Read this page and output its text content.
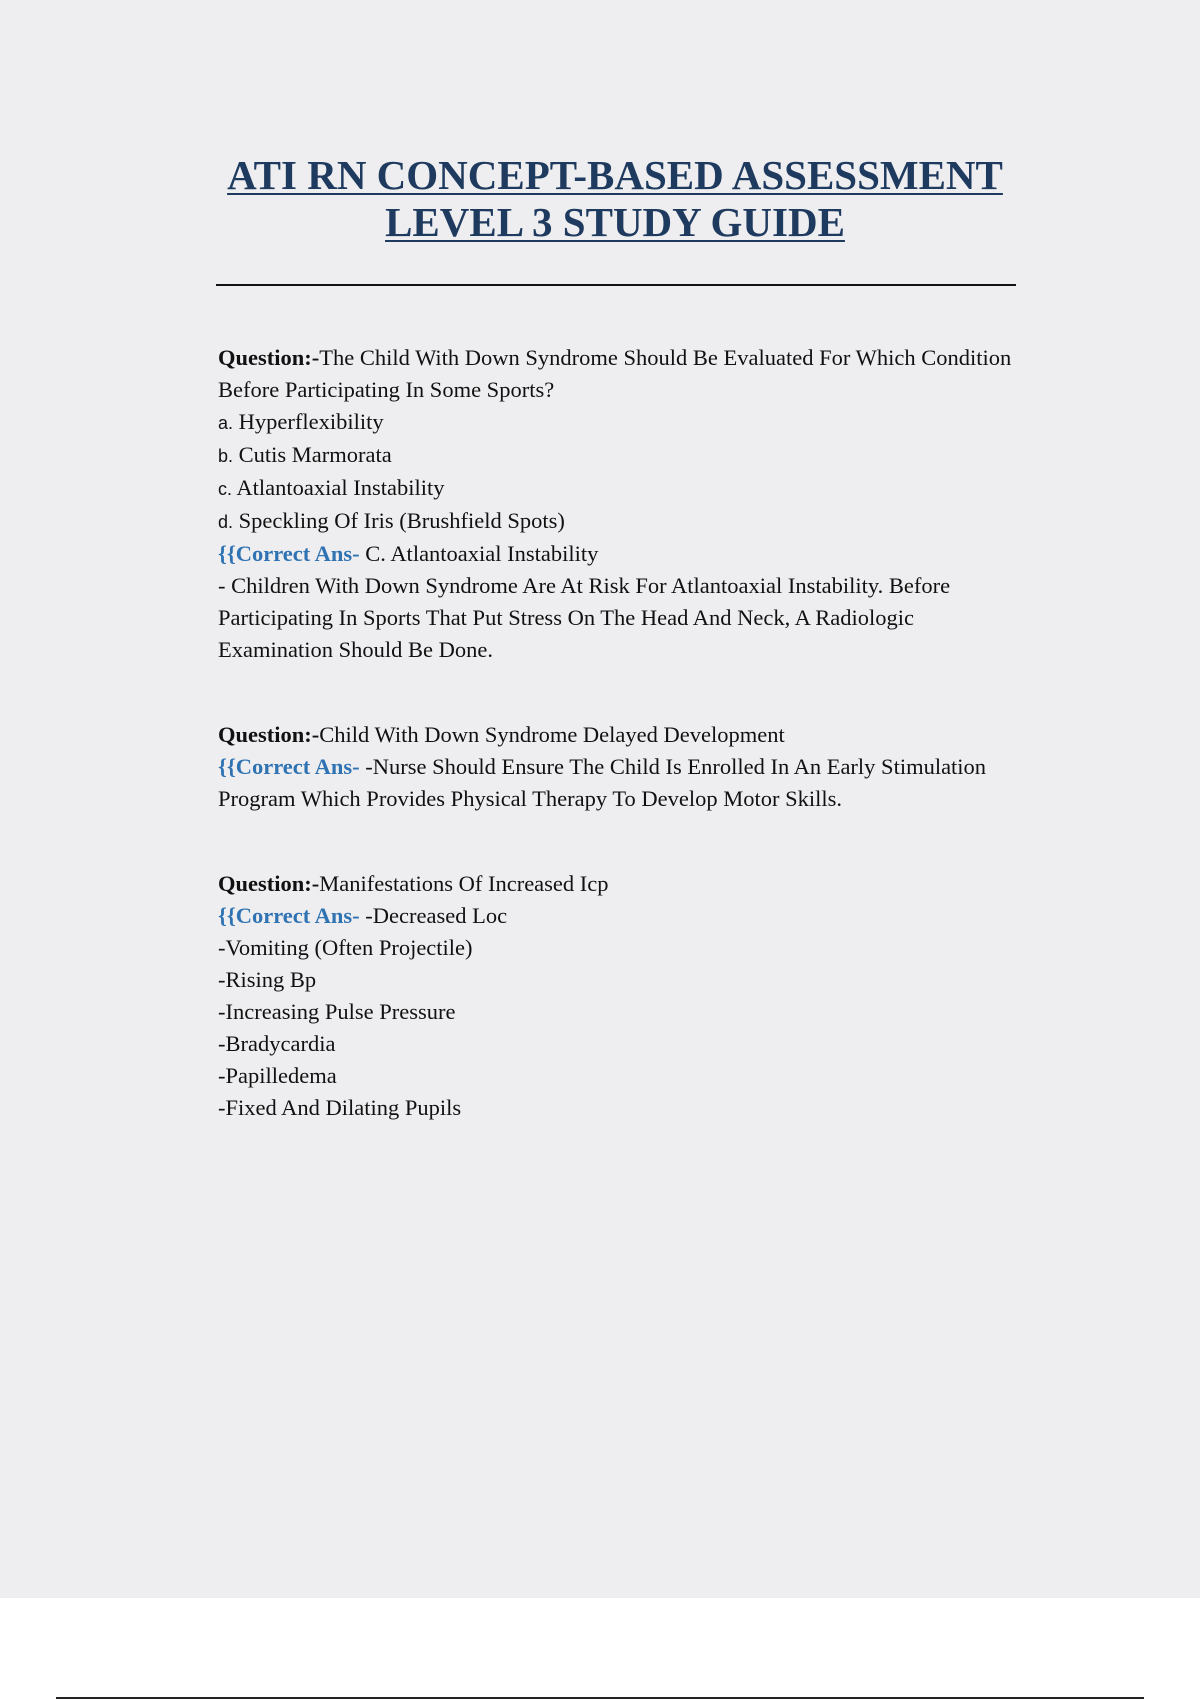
ATI RN CONCEPT-BASED ASSESSMENT
LEVEL 3 STUDY GUIDE

Question:-The Child With Down Syndrome Should Be Evaluated For Which Condition Before Participating In Some Sports?

a. Hyperflexibility

b. Cutis Marmorata

c. Atlantoaxial Instability

d. Speckling Of Iris (Brushfield Spots)

{{Correct Ans- C. Atlantoaxial Instability

- Children With Down Syndrome Are At Risk For Atlantoaxial Instability. Before Participating In Sports That Put Stress On The Head And Neck, A Radiologic Examination Should Be Done.

Question:-Child With Down Syndrome Delayed Development

{{Correct Ans- -Nurse Should Ensure The Child Is Enrolled In An Early Stimulation Program Which Provides Physical Therapy To Develop Motor Skills.

Question:-Manifestations Of Increased Icp

{{Correct Ans- -Decreased Loc

-Vomiting (Often Projectile)

-Rising Bp

-Increasing Pulse Pressure

-Bradycardia

-Papilledema

-Fixed And Dilating Pupils
